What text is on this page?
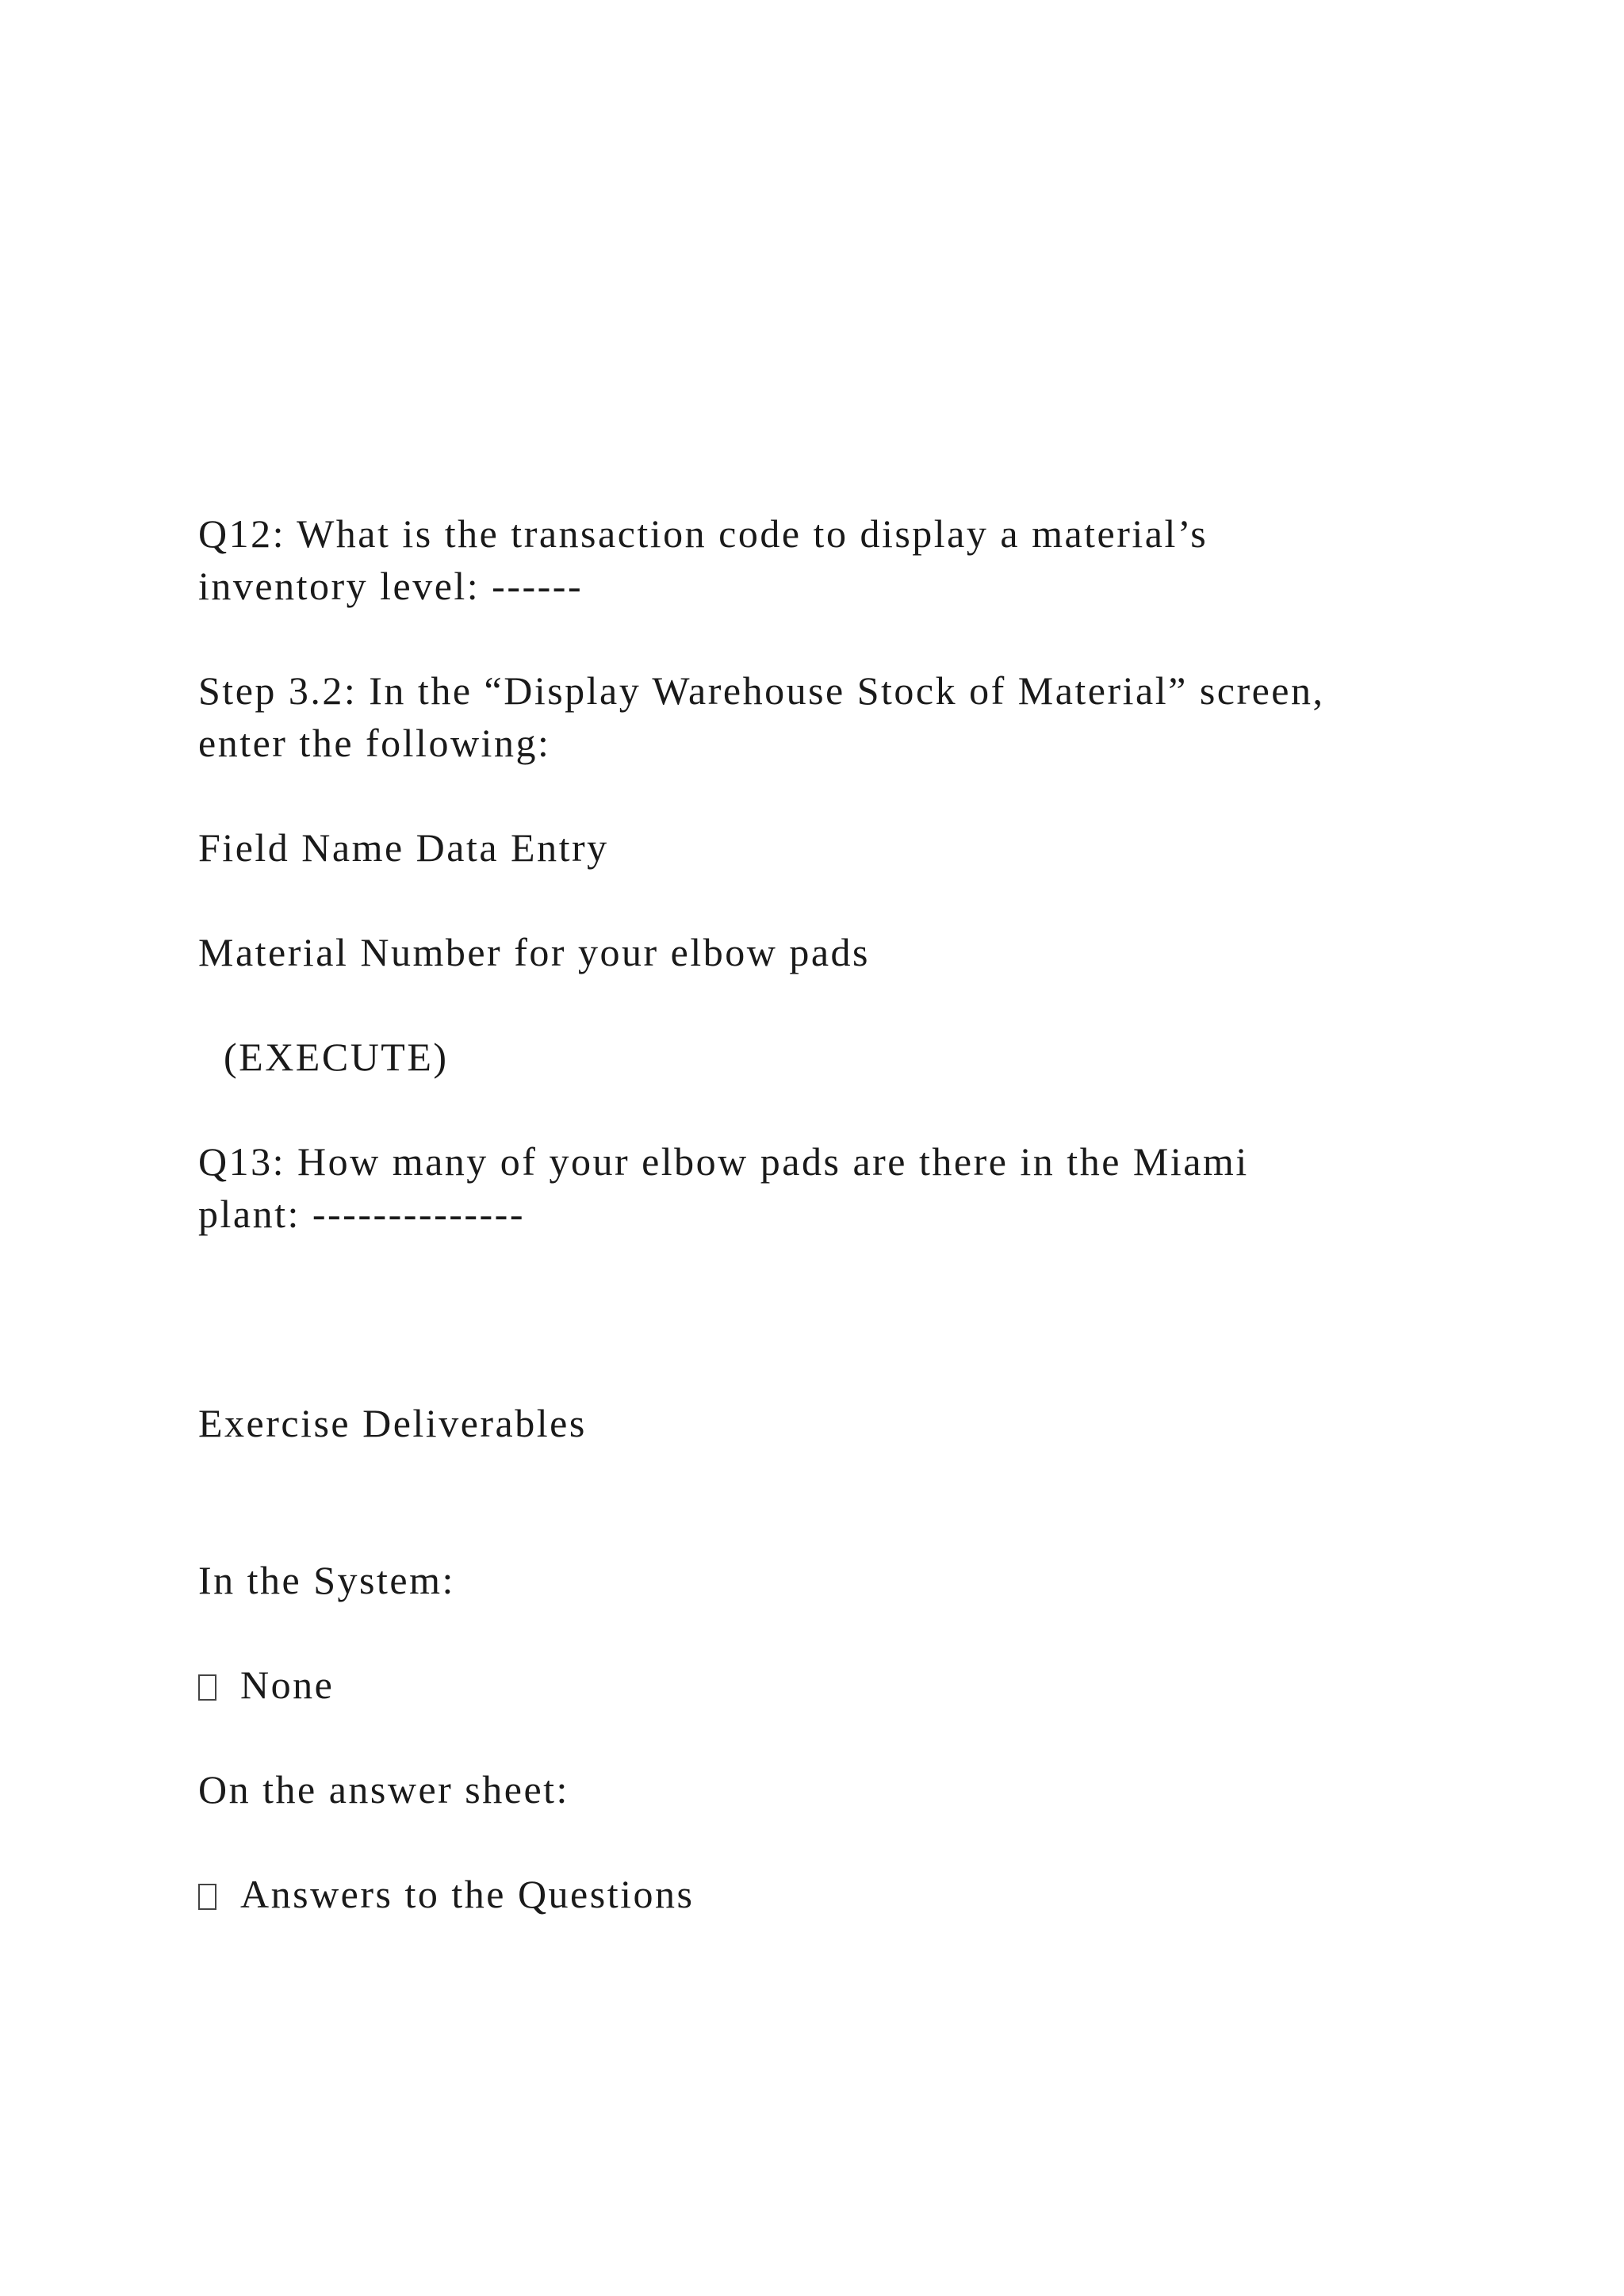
Q12: What is the transaction code to display a material’s

inventory level: ------

Step 3.2: In the “Display Warehouse Stock of Material” screen,

enter the following:

Field Name Data Entry

Material Number for your elbow pads

(EXECUTE)

Q13: How many of your elbow pads are there in the Miami

plant: --------------

Exercise Deliverables

In the System:

None

On the answer sheet:

Answers to the Questions
